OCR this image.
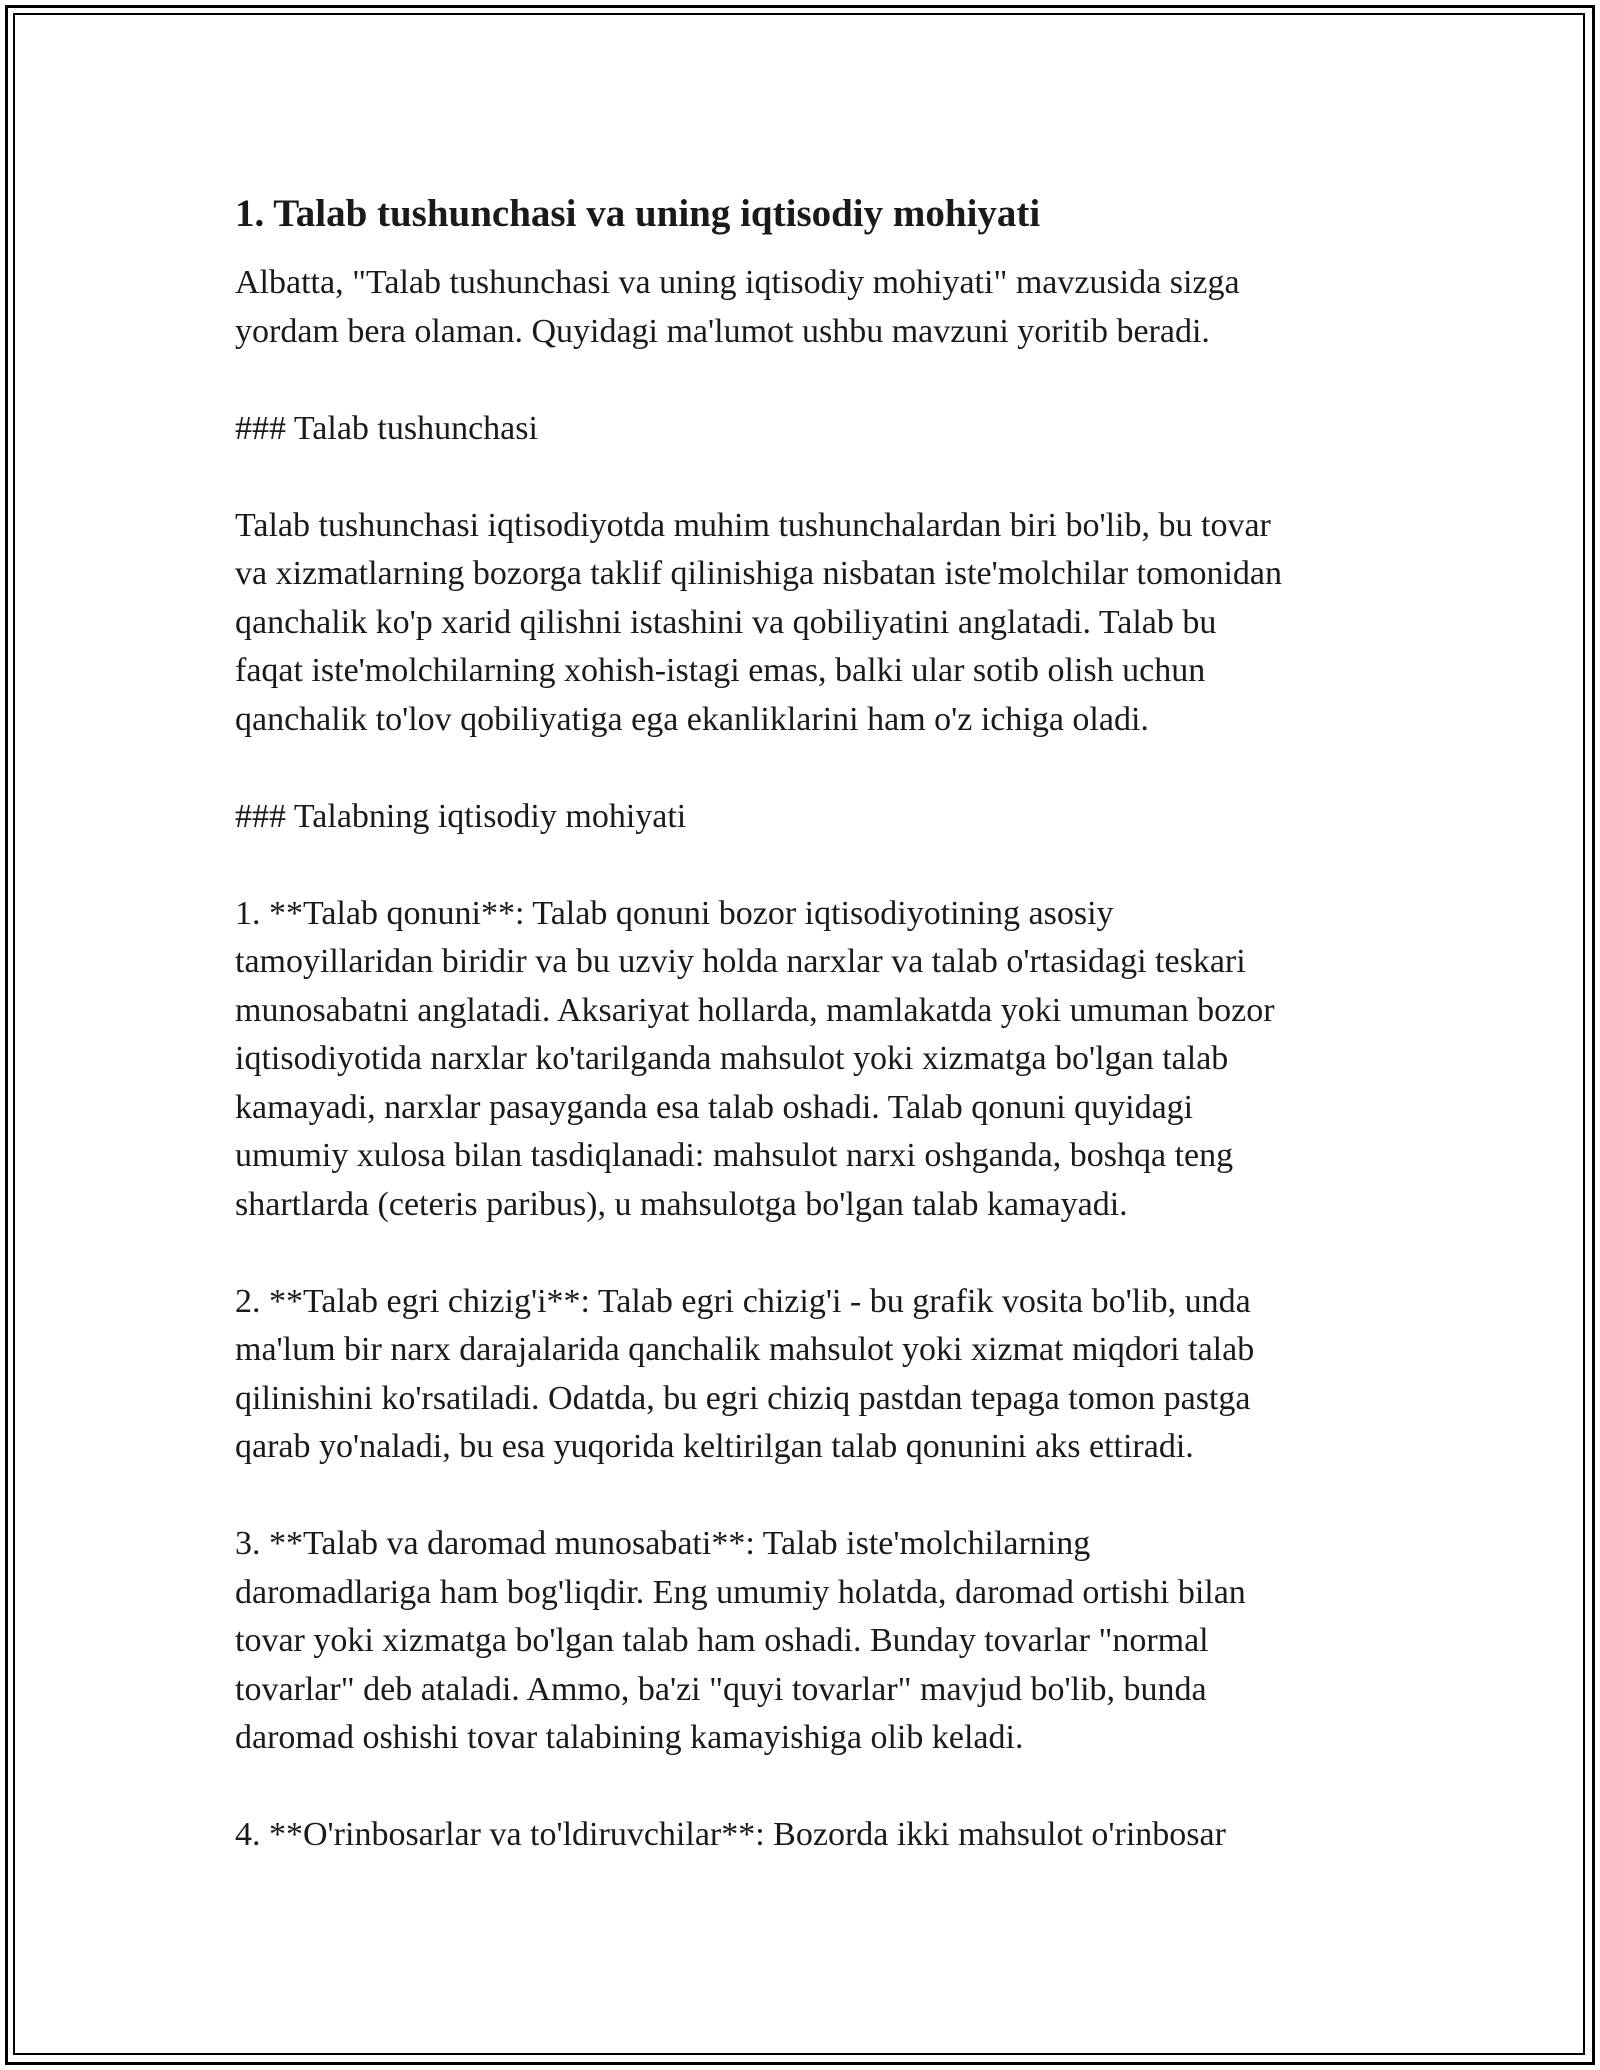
1. Talab tushunchasi va uning iqtisodiy mohiyati

Albatta, "Talab tushunchasi va uning iqtisodiy mohiyati" mavzusida sizga
yordam bera olaman. Quyidagi ma'lumot ushbu mavzuni yoritib beradi.

### Talab tushunchasi

Talab tushunchasi iqtisodiyotda muhim tushunchalardan biri bo'lib, bu tovar
va xizmatlarning bozorga taklif qilinishiga nisbatan iste'molchilar tomonidan
qanchalik ko'p xarid qilishni istashini va qobiliyatini anglatadi. Talab bu
faqat iste'molchilarning xohish-istagi emas, balki ular sotib olish uchun
qanchalik to'lov qobiliyatiga ega ekanliklarini ham o'z ichiga oladi.

### Talabning iqtisodiy mohiyati

1. **Talab qonuni**: Talab qonuni bozor iqtisodiyotining asosiy
tamoyillaridan biridir va bu uzviy holda narxlar va talab o'rtasidagi teskari
munosabatni anglatadi. Aksariyat hollarda, mamlakatda yoki umuman bozor
iqtisodiyotida narxlar ko'tarilganda mahsulot yoki xizmatga bo'lgan talab
kamayadi, narxlar pasayganda esa talab oshadi. Talab qonuni quyidagi
umumiy xulosa bilan tasdiqlanadi: mahsulot narxi oshganda, boshqa teng
shartlarda (ceteris paribus), u mahsulotga bo'lgan talab kamayadi.

2. **Talab egri chizig'i**: Talab egri chizig'i - bu grafik vosita bo'lib, unda
ma'lum bir narx darajalarida qanchalik mahsulot yoki xizmat miqdori talab
qilinishini ko'rsatiladi. Odatda, bu egri chiziq pastdan tepaga tomon pastga
qarab yo'naladi, bu esa yuqorida keltirilgan talab qonunini aks ettiradi.

3. **Talab va daromad munosabati**: Talab iste'molchilarning
daromadlariga ham bog'liqdir. Eng umumiy holatda, daromad ortishi bilan
tovar yoki xizmatga bo'lgan talab ham oshadi. Bunday tovarlar "normal
tovarlar" deb ataladi. Ammo, ba'zi "quyi tovarlar" mavjud bo'lib, bunda
daromad oshishi tovar talabining kamayishiga olib keladi.

4. **O'rinbosarlar va to'ldiruvchilar**: Bozorda ikki mahsulot o'rinbosar
